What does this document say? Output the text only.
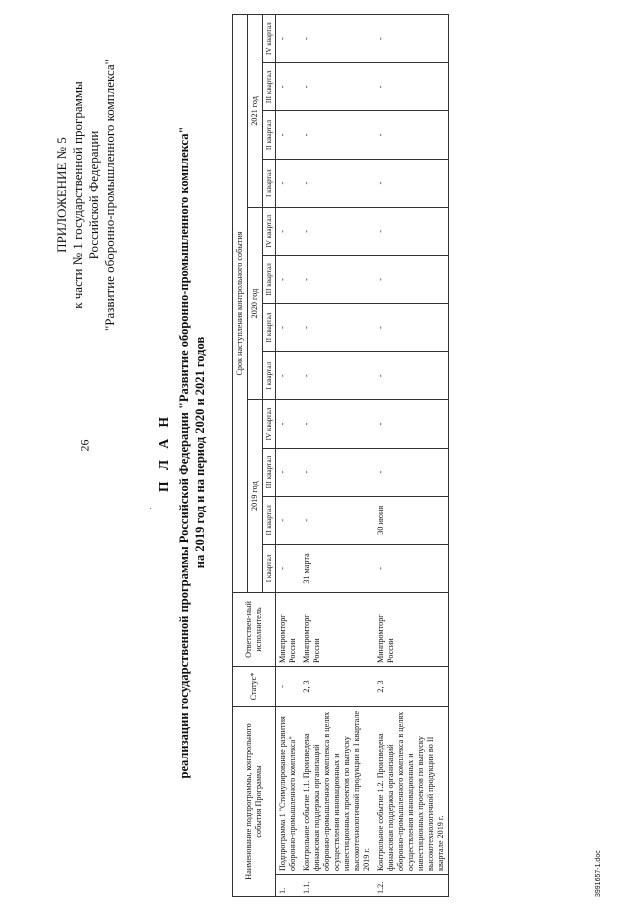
26
ПРИЛОЖЕНИЕ № 5 к части № 1 государственной программы Российской Федерации "Развитие оборонно-промышленного комплекса"
П Л А Н реализации государственной программы Российской Федерации "Развитие оборонно-промышленного комплекса" на 2019 год и на период 2020 и 2021 годов
Наименование подпрограммы, контрольного события Программы		Статус*	Ответствен-ный исполнитель	Срок наступления контрольного события											
				2019 год				2020 год				2021 год			
				I квартал	II квартал	III квартал	IV квартал	I квартал	II квартал	III квартал	IV квартал	I квартал	II квартал	III квартал	IV квартал
1.	Подпрограмма 1 "Стимулирование развития оборонно-промышленного комплекса"	-	Минпромторг России	-	-	-	-	-	-	-	-	-	-	-	-
1.1.	Контрольное событие 1.1. Произведена финансовая поддержка организаций оборонно-промышленного комплекса в целях осуществления инновационных и инвестиционных проектов по выпуску высокотехнологичной продукции в I квартале 2019 г.	2, 3	Минпромторг России	31 марта	-	-	-	-	-	-	-	-	-	-	-
1.2.	Контрольное событие 1.2. Произведена финансовая поддержка организаций оборонно-промышленного комплекса в целях осуществления инновационных и инвестиционных проектов по выпуску высокотехнологичной продукции во II квартале 2019 г.	2, 3	Минпромторг России	-	30 июня	-	-	-	-	-	-	-	-	-	-
3991657-1.doc
